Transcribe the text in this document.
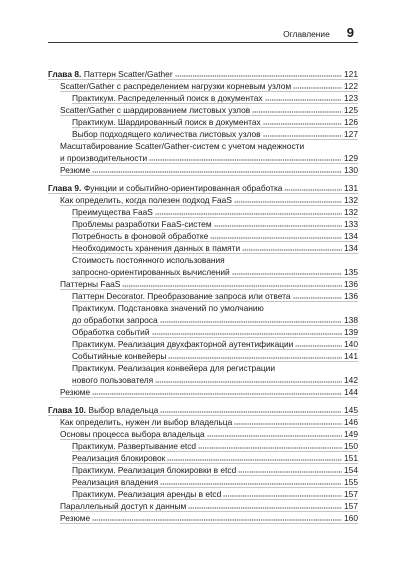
Оглавление 9
Глава 8. Паттерн Scatter/Gather	121
Scatter/Gather с распределением нагрузки корневым узлом	122
Практикум. Распределенный поиск в документах	123
Scatter/Gather с шардированием листовых узлов	125
Практикум. Шардированный поиск в документах	126
Выбор подходящего количества листовых узлов	127
Масштабирование Scatter/Gather-систем с учетом надежности
и производительности	129
Резюме	130
Глава 9. Функции и событийно-ориентированная обработка	131
Как определить, когда полезен подход FaaS	132
Преимущества FaaS	132
Проблемы разработки FaaS-систем	133
Потребность в фоновой обработке	134
Необходимость хранения данных в памяти	134
Стоимость постоянного использования
запросно-ориентированных вычислений	135
Паттерны FaaS	136
Паттерн Decorator. Преобразование запроса или ответа	136
Практикум. Подстановка значений по умолчанию
до обработки запроса	138
Обработка событий	139
Практикум. Реализация двухфакторной аутентификации	140
Событийные конвейеры	141
Практикум. Реализация конвейера для регистрации
нового пользователя	142
Резюме	144
Глава 10. Выбор владельца	145
Как определить, нужен ли выбор владельца	146
Основы процесса выбора владельца	149
Практикум. Развертывание etcd	150
Реализация блокировок	151
Практикум. Реализация блокировки в etcd	154
Реализация владения	155
Практикум. Реализация аренды в etcd	157
Параллельный доступ к данным	157
Резюме	160
